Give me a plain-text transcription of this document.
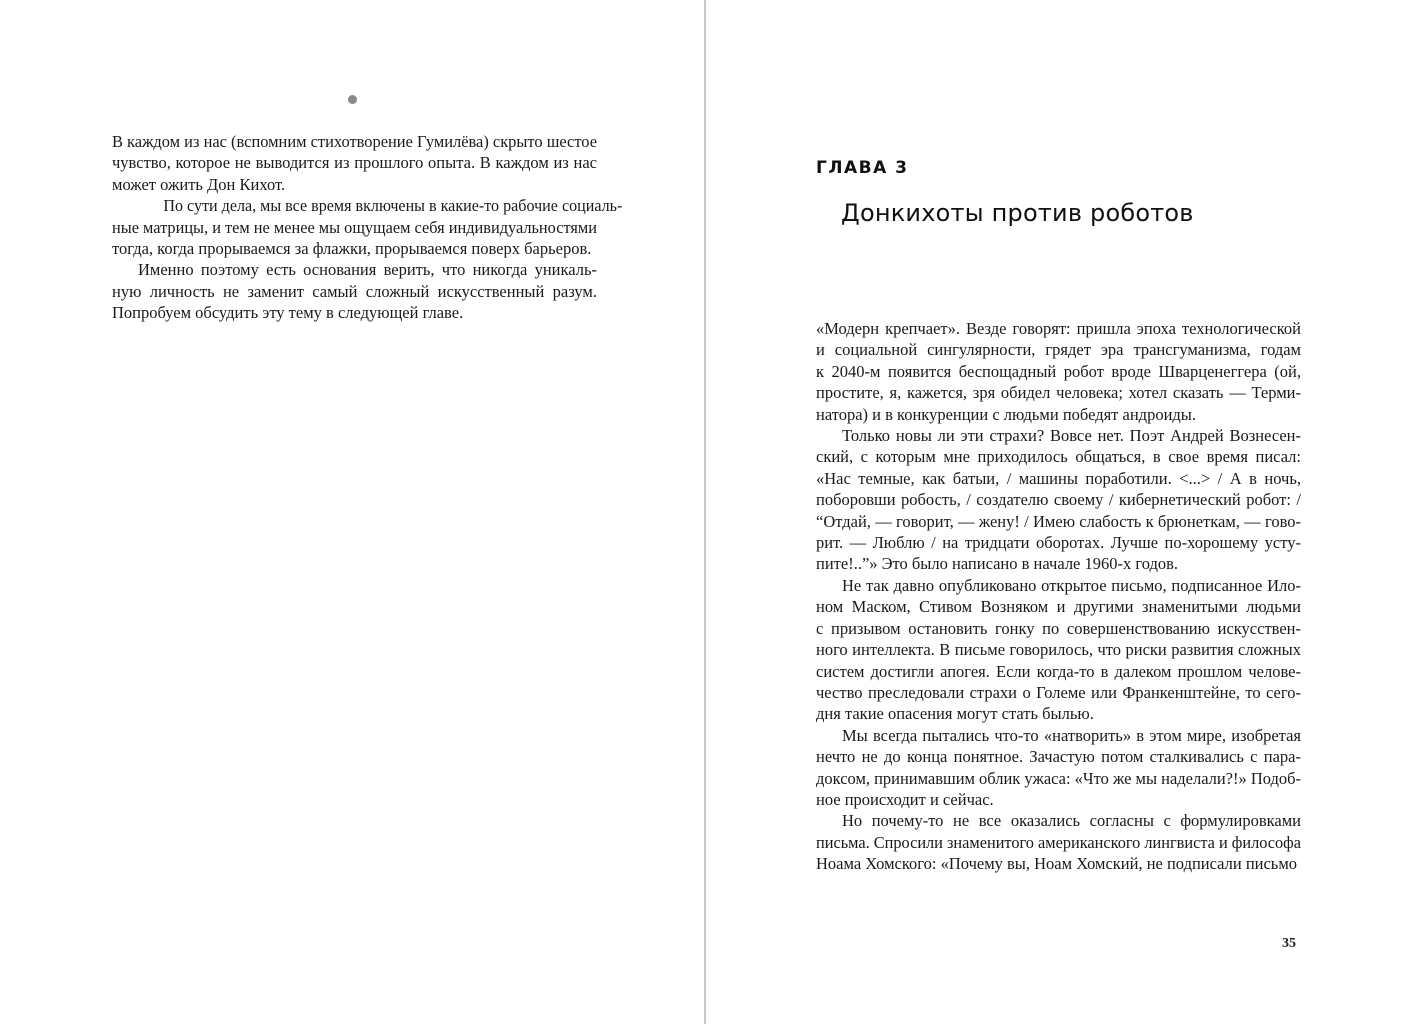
В каждом из нас (вспомним стихотворение Гумилёва) скрыто шестое

чувство, которое не выводится из прошлого опыта. В каждом из нас

может ожить Дон Кихот.

По сути дела, мы все время включены в какие-то рабочие социаль-

ные матрицы, и тем не менее мы ощущаем себя индивидуальностями

тогда, когда прорываемся за флажки, прорываемся поверх барьеров.

Именно поэтому есть основания верить, что никогда уникаль-

ную личность не заменит самый сложный искусственный разум.

Попробуем обсудить эту тему в следующей главе.

ГЛАВА 3
Донкихоты против роботов

«Модерн крепчает». Везде говорят: пришла эпоха технологической

и социальной сингулярности, грядет эра трансгуманизма, годам

к 2040-м появится беспощадный робот вроде Шварценеггера (ой,

простите, я, кажется, зря обидел человека; хотел сказать — Терми-

натора) и в конкуренции с людьми победят андроиды.

Только новы ли эти страхи? Вовсе нет. Поэт Андрей Вознесен-

ский, с которым мне приходилось общаться, в свое время писал:

«Нас темные, как батыи, / машины поработили. <...> / А в ночь,

поборовши робость, / создателю своему / кибернетический робот: /

“Отдай, — говорит, — жену! / Имею слабость к брюнеткам, — гово-

рит. — Люблю / на тридцати оборотах. Лучше по-хорошему усту-

пите!..”» Это было написано в начале 1960-х годов.

Не так давно опубликовано открытое письмо, подписанное Ило-

ном Маском, Стивом Возняком и другими знаменитыми людьми

с призывом остановить гонку по совершенствованию искусствен-

ного интеллекта. В письме говорилось, что риски развития сложных

систем достигли апогея. Если когда-то в далеком прошлом челове-

чество преследовали страхи о Големе или Франкенштейне, то сего-

дня такие опасения могут стать былью.

Мы всегда пытались что-то «натворить» в этом мире, изобретая

нечто не до конца понятное. Зачастую потом сталкивались с пара-

доксом, принимавшим облик ужаса: «Что же мы наделали?!» Подоб-

ное происходит и сейчас.

Но почему-то не все оказались согласны с формулировками

письма. Спросили знаменитого американского лингвиста и философа

Ноама Хомского: «Почему вы, Ноам Хомский, не подписали письмо

35
